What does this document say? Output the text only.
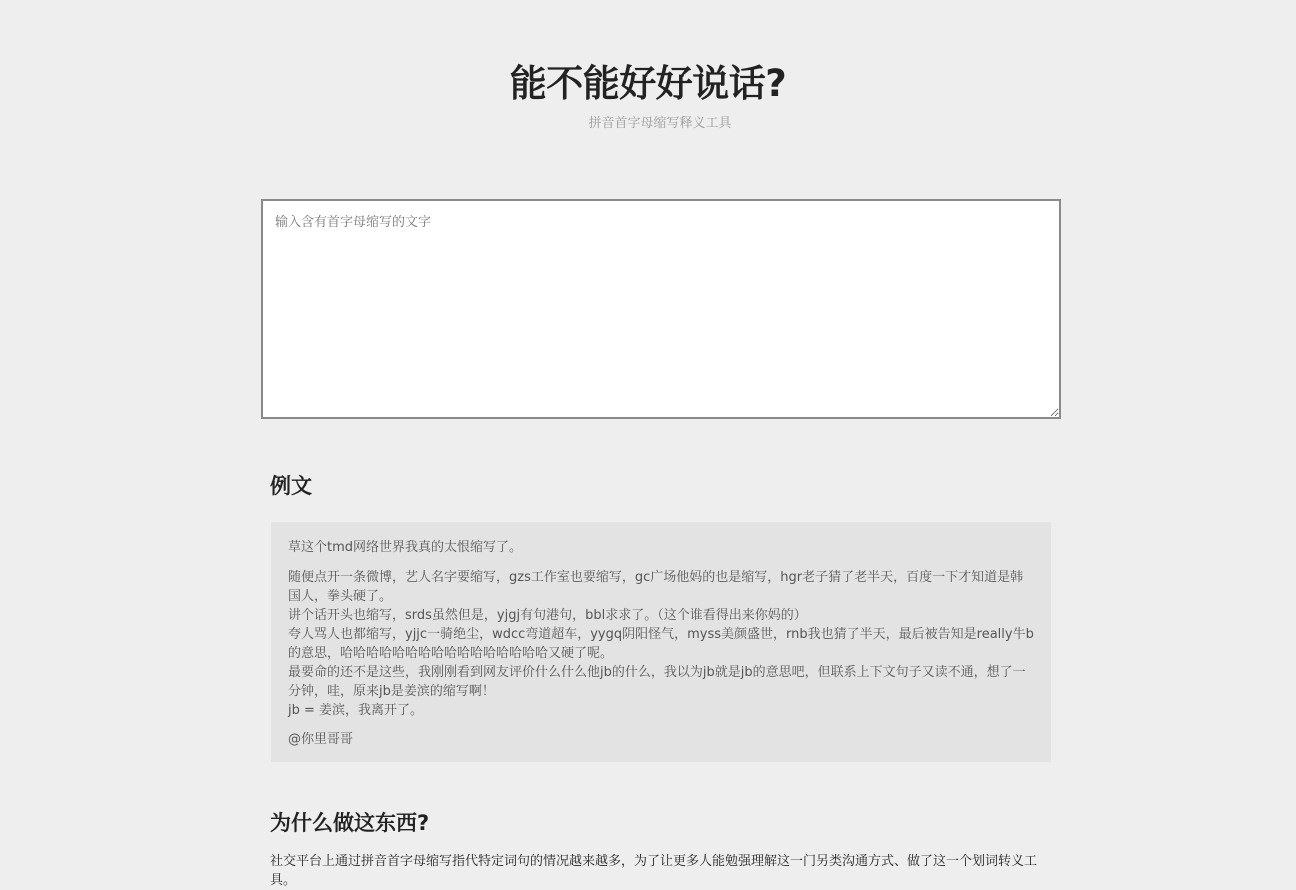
能不能好好说话?
拼音首字母缩写释义工具
输入含有首字母缩写的文字
例文

草这个tmd网络世界我真的太恨缩写了。

随便点开一条微博，艺人名字要缩写，gzs工作室也要缩写，gc广场他妈的也是缩写，hgr老子猜了老半天，百度一下才知道是韩国人，拳头硬了。

讲个话开头也缩写，srds虽然但是，yjgj有句港句，bbl求求了。（这个谁看得出来你妈的）

夸人骂人也都缩写，yjjc一骑绝尘，wdcc弯道超车，yygq阴阳怪气，myss美颜盛世，rnb我也猜了半天，最后被告知是really牛b的意思，哈哈哈哈哈哈哈哈哈哈哈哈哈哈哈哈又硬了呢。

最要命的还不是这些，我刚刚看到网友评价什么什么他jb的什么，我以为jb就是jb的意思吧，但联系上下文句子又读不通，想了一分钟，哇，原来jb是姜滨的缩写啊！

jb = 姜滨，我离开了。

@你里哥哥

为什么做这东西?

社交平台上通过拼音首字母缩写指代特定词句的情况越来越多，为了让更多人能勉强理解这一门另类沟通方式、做了这一个划词转义工具。
